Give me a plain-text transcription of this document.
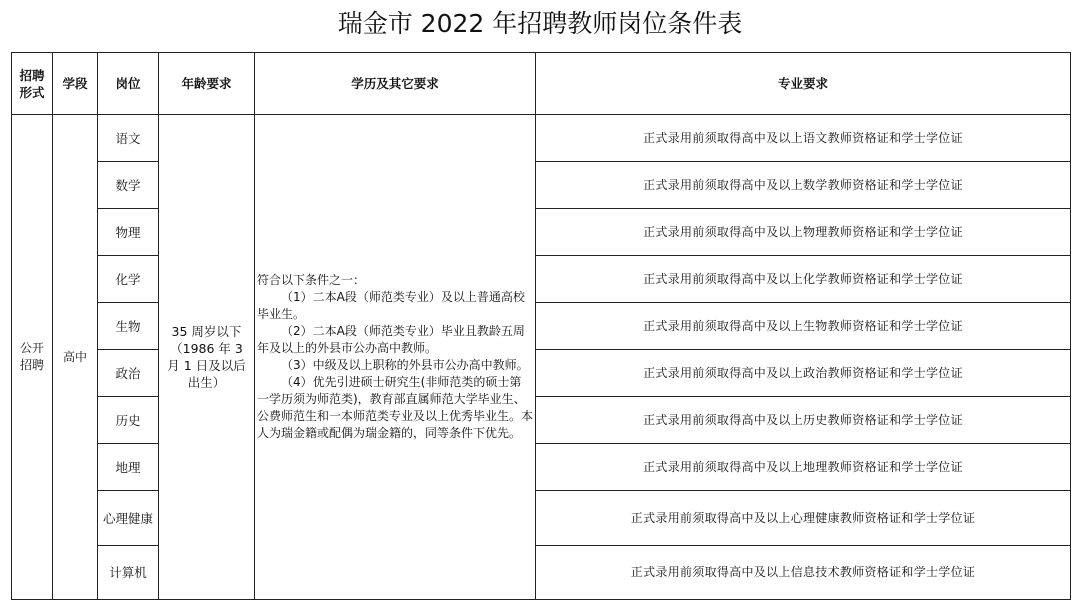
瑞金市 2022 年招聘教师岗位条件表
招聘形式	学段	岗位	年龄要求	学历及其它要求	专业要求
公开招聘	高中	语文	35 周岁以下（1986 年 3 月 1 日及以后出生）	符合以下条件之一：
（1）二本A段（师范类专业）及以上普通高校毕业生。
（2）二本A段（师范类专业）毕业且教龄五周年及以上的外县市公办高中教师。
（3）中级及以上职称的外县市公办高中教师。
（4）优先引进硕士研究生(非师范类的硕士第一学历须为师范类)，教育部直属师范大学毕业生、公费师范生和一本师范类专业及以上优秀毕业生。本人为瑞金籍或配偶为瑞金籍的，同等条件下优先。	正式录用前须取得高中及以上语文教师资格证和学士学位证
		数学			正式录用前须取得高中及以上数学教师资格证和学士学位证
		物理			正式录用前须取得高中及以上物理教师资格证和学士学位证
		化学			正式录用前须取得高中及以上化学教师资格证和学士学位证
		生物			正式录用前须取得高中及以上生物教师资格证和学士学位证
		政治			正式录用前须取得高中及以上政治教师资格证和学士学位证
		历史			正式录用前须取得高中及以上历史教师资格证和学士学位证
		地理			正式录用前须取得高中及以上地理教师资格证和学士学位证
		心理健康			正式录用前须取得高中及以上心理健康教师资格证和学士学位证
		计算机			正式录用前须取得高中及以上信息技术教师资格证和学士学位证
